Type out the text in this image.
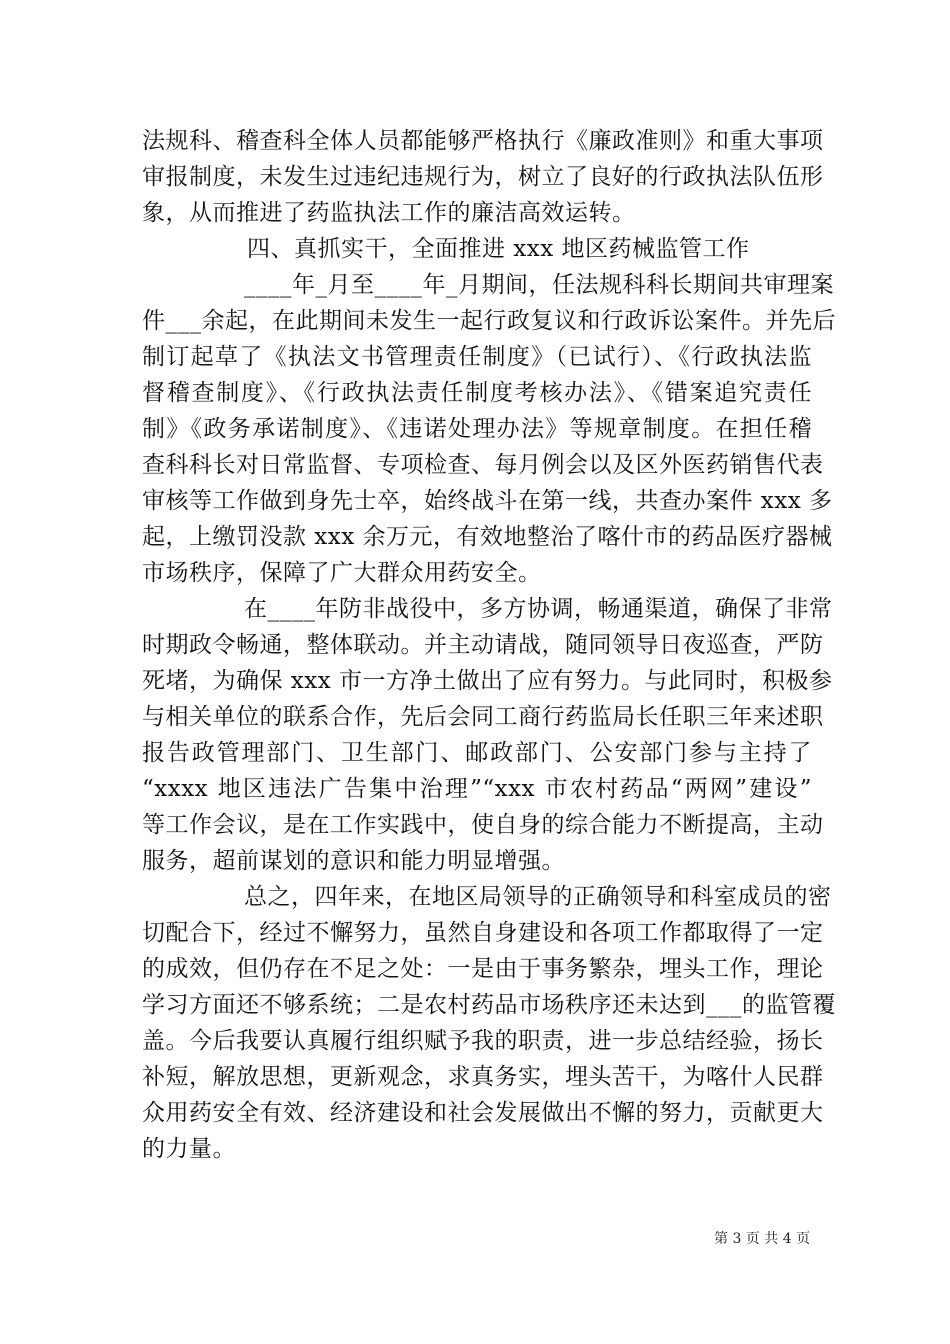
法规科、稽查科全体人员都能够严格执行《廉政准则》和重大事项
审报制度，未发生过违纪违规行为，树立了良好的行政执法队伍形
象，从而推进了药监执法工作的廉洁高效运转。
四、真抓实干，全面推进 xxx 地区药械监管工作
____年_月至____年_月期间，任法规科科长期间共审理案
件___余起，在此期间未发生一起行政复议和行政诉讼案件。并先后
制订起草了《执法文书管理责任制度》（已试行）、《行政执法监
督稽查制度》、《行政执法责任制度考核办法》、《错案追究责任
制》《政务承诺制度》、《违诺处理办法》等规章制度。在担任稽
查科科长对日常监督、专项检查、每月例会以及区外医药销售代表
审核等工作做到身先士卒，始终战斗在第一线，共查办案件 xxx 多
起，上缴罚没款 xxx 余万元，有效地整治了喀什市的药品医疗器械
市场秩序，保障了广大群众用药安全。
在____年防非战役中，多方协调，畅通渠道，确保了非常
时期政令畅通，整体联动。并主动请战，随同领导日夜巡查，严防
死堵，为确保 xxx 市一方净土做出了应有努力。与此同时，积极参
与相关单位的联系合作，先后会同工商行药监局长任职三年来述职
报告政管理部门、卫生部门、邮政部门、公安部门参与主持了
“xxxx 地区违法广告集中治理”“xxx 市农村药品“两网”建设”
等工作会议，是在工作实践中，使自身的综合能力不断提高，主动
服务，超前谋划的意识和能力明显增强。
总之，四年来，在地区局领导的正确领导和科室成员的密
切配合下，经过不懈努力，虽然自身建设和各项工作都取得了一定
的成效，但仍存在不足之处：一是由于事务繁杂，埋头工作，理论
学习方面还不够系统；二是农村药品市场秩序还未达到___的监管覆
盖。今后我要认真履行组织赋予我的职责，进一步总结经验，扬长
补短，解放思想，更新观念，求真务实，埋头苦干，为喀什人民群
众用药安全有效、经济建设和社会发展做出不懈的努力，贡献更大
的力量。
第 3 页 共 4 页
